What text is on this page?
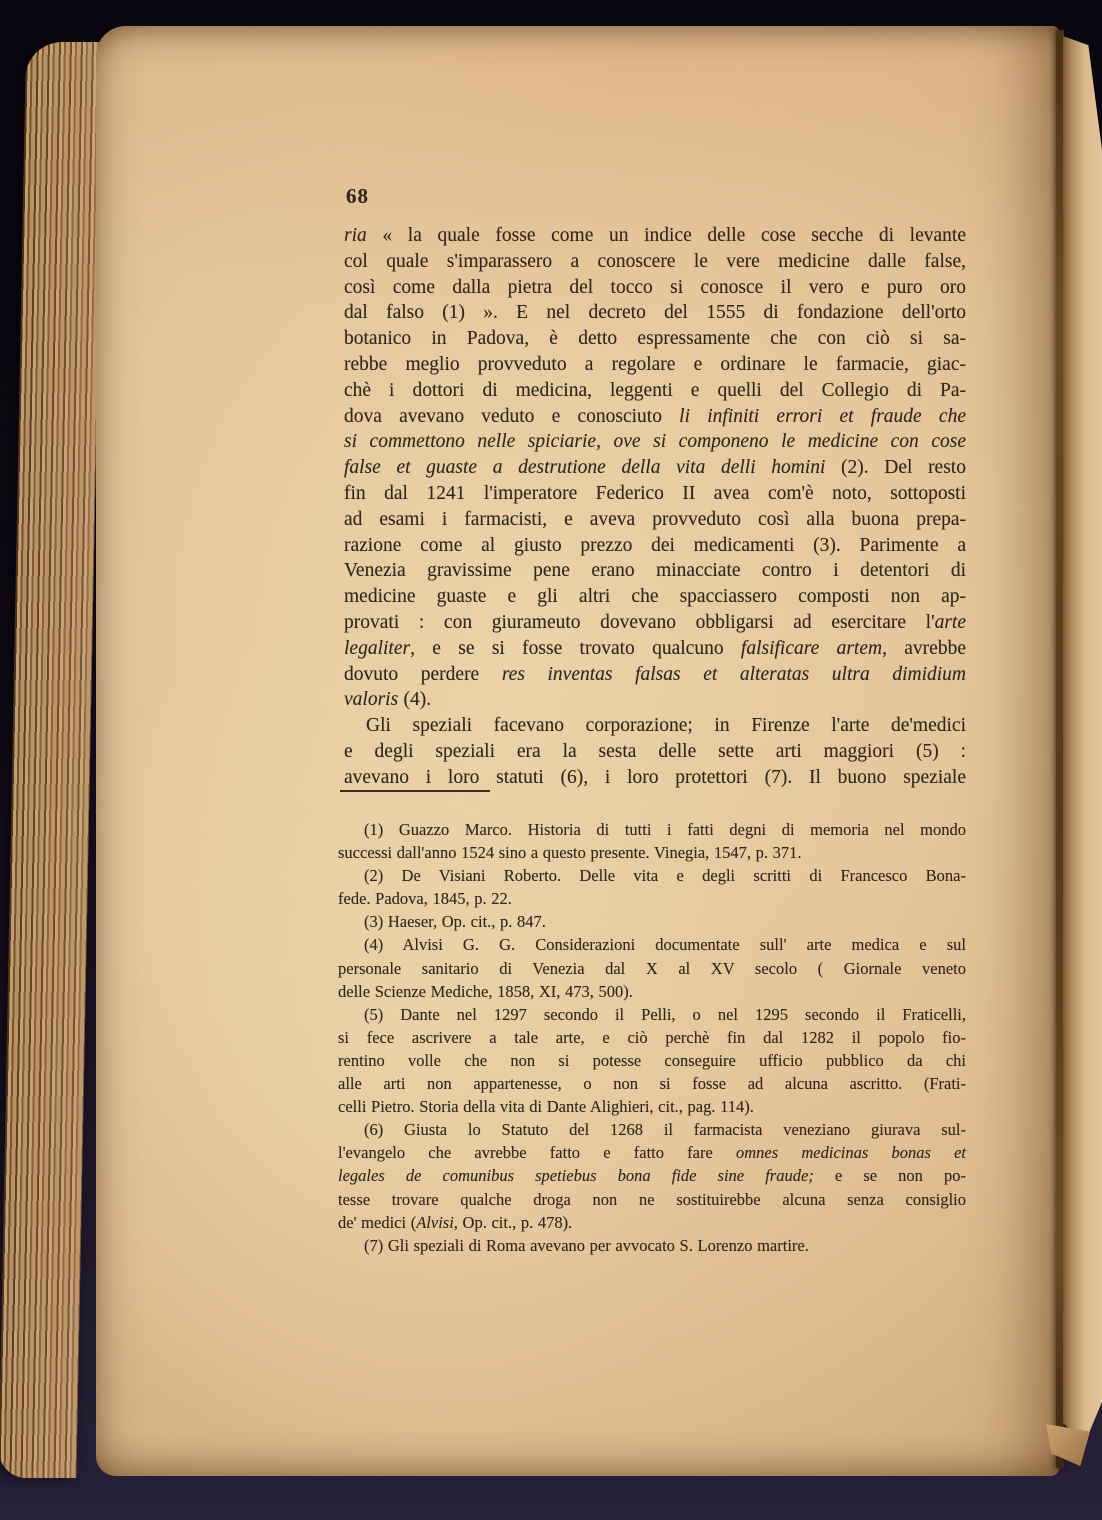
68
ria « la quale fosse come un indice delle cose secche di levante
col quale s'imparassero a conoscere le vere medicine dalle false,
così come dalla pietra del tocco si conosce il vero e puro oro
dal falso (1) ». E nel decreto del 1555 di fondazione dell'orto
botanico in Padova, è detto espressamente che con ciò si sa-
rebbe meglio provveduto a regolare e ordinare le farmacie, giac-
chè i dottori di medicina, leggenti e quelli del Collegio di Pa-
dova avevano veduto e conosciuto li infiniti errori et fraude che
si commettono nelle spiciarie, ove si componeno le medicine con cose
false et guaste a destrutione della vita delli homini (2). Del resto
fin dal 1241 l'imperatore Federico II avea com'è noto, sottoposti
ad esami i farmacisti, e aveva provveduto così alla buona prepa-
razione come al giusto prezzo dei medicamenti (3). Parimente a
Venezia gravissime pene erano minacciate contro i detentori di
medicine guaste e gli altri che spacciassero composti non ap-
provati : con giurameuto dovevano obbligarsi ad esercitare l'arte
legaliter, e se si fosse trovato qualcuno falsificare artem, avrebbe
dovuto perdere res inventas falsas et alteratas ultra dimidium
valoris (4).
Gli speziali facevano corporazione; in Firenze l'arte de'medici
e degli speziali era la sesta delle sette arti maggiori (5) :
avevano i loro statuti (6), i loro protettori (7). Il buono speziale
(1) Guazzo Marco. Historia di tutti i fatti degni di memoria nel mondo
successi dall'anno 1524 sino a questo presente. Vinegia, 1547, p. 371.
(2) De Visiani Roberto. Delle vita e degli scritti di Francesco Bona-
fede. Padova, 1845, p. 22.
(3) Haeser, Op. cit., p. 847.
(4) Alvisi G. G. Considerazioni documentate sull' arte medica e sul
personale sanitario di Venezia dal X al XV secolo ( Giornale veneto
delle Scienze Mediche, 1858, XI, 473, 500).
(5) Dante nel 1297 secondo il Pelli, o nel 1295 secondo il Fraticelli,
si fece ascrivere a tale arte, e ciò perchè fin dal 1282 il popolo fio-
rentino volle che non si potesse conseguire ufficio pubblico da chi
alle arti non appartenesse, o non si fosse ad alcuna ascritto. (Frati-
celli Pietro. Storia della vita di Dante Alighieri, cit., pag. 114).
(6) Giusta lo Statuto del 1268 il farmacista veneziano giurava sul-
l'evangelo che avrebbe fatto e fatto fare omnes medicinas bonas et
legales de comunibus spetiebus bona fide sine fraude; e se non po-
tesse trovare qualche droga non ne sostituirebbe alcuna senza consiglio
de' medici (Alvisi, Op. cit., p. 478).
(7) Gli speziali di Roma avevano per avvocato S. Lorenzo martire.
